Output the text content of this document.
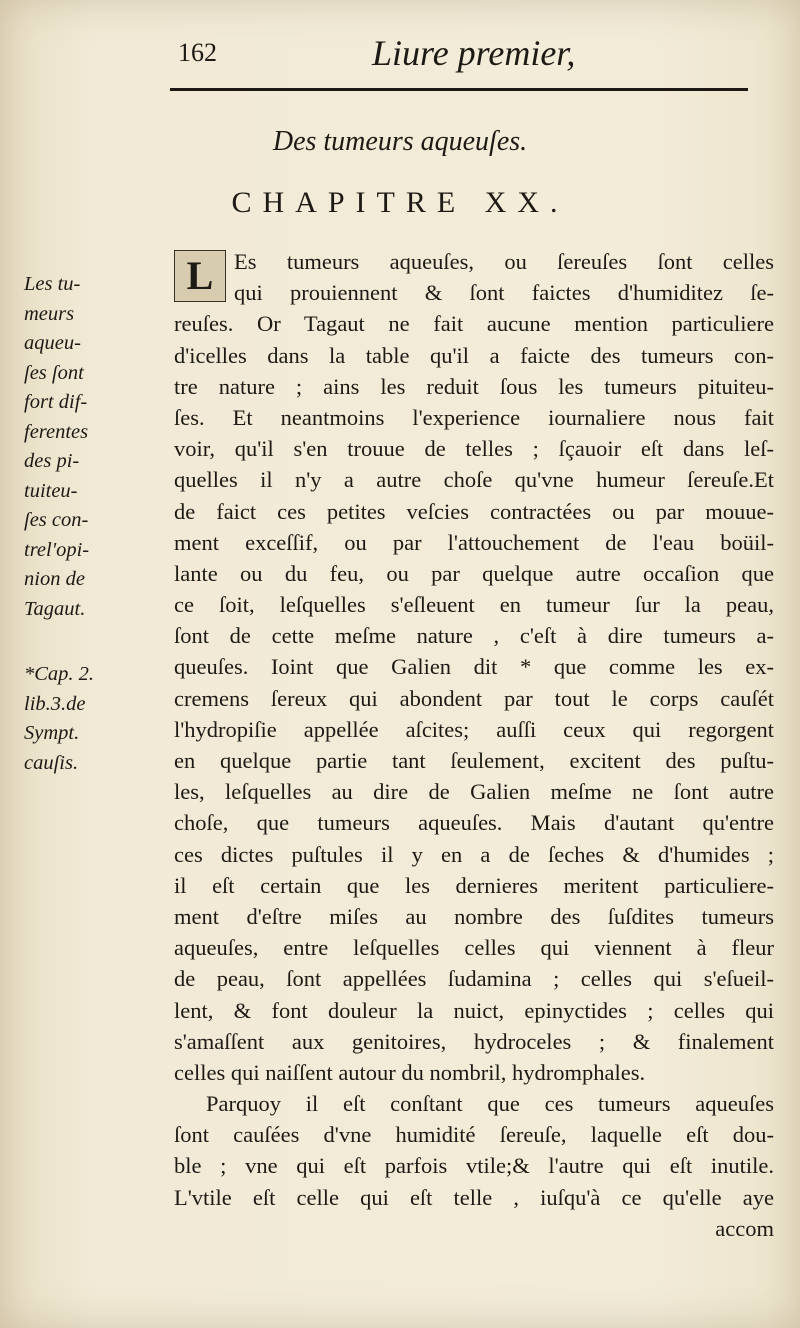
162	Liure premier,
Des tumeurs aqueuſes.
CHAPITRE XX.
Les tu-
meurs
aqueu-
ſes ſont
fort dif-
ferentes
des pi-
tuiteu-
ſes con-
trel'opi-
nion de
Tagaut.
*Cap. 2.
lib.3.de
Sympt.
cauſis.
L Es tumeurs aqueuſes, ou ſereuſes ſont celles
qui prouiennent & ſont faictes d'humiditez ſe-
reuſes. Or Tagaut ne fait aucune mention particuliere
d'icelles dans la table qu'il a faicte des tumeurs con-
tre nature ; ains les reduit ſous les tumeurs pituiteu-
ſes. Et neantmoins l'experience iournaliere nous fait
voir, qu'il s'en trouue de telles ; ſçauoir eſt dans leſ-
quelles il n'y a autre choſe qu'vne humeur ſereuſe.Et
de faict ces petites veſcies contractées ou par mouue-
ment exceſſif, ou par l'attouchement de l'eau boüil-
lante ou du feu, ou par quelque autre occaſion que
ce ſoit, leſquelles s'eſleuent en tumeur ſur la peau,
ſont de cette meſme nature , c'eſt à dire tumeurs a-
queuſes. Ioint que Galien dit * que comme les ex-
cremens ſereux qui abondent par tout le corps cauſét
l'hydropiſie appellée aſcites; auſſi ceux qui regorgent
en quelque partie tant ſeulement, excitent des puſtu-
les, leſquelles au dire de Galien meſme ne ſont autre
choſe, que tumeurs aqueuſes. Mais d'autant qu'entre
ces dictes puſtules il y en a de ſeches & d'humides ;
il eſt certain que les dernieres meritent particuliere-
ment d'eſtre miſes au nombre des ſuſdites tumeurs
aqueuſes, entre leſquelles celles qui viennent à fleur
de peau, ſont appellées ſudamina ; celles qui s'eſueil-
lent, & font douleur la nuict, epinyctides ; celles qui
s'amaſſent aux genitoires, hydroceles ; & finalement
celles qui naiſſent autour du nombril, hydromphales.
Parquoy il eſt conſtant que ces tumeurs aqueuſes
ſont cauſées d'vne humidité ſereuſe, laquelle eſt dou-
ble ; vne qui eſt parfois vtile;& l'autre qui eſt inutile.
L'vtile eſt celle qui eſt telle , iuſqu'à ce qu'elle aye
accom
